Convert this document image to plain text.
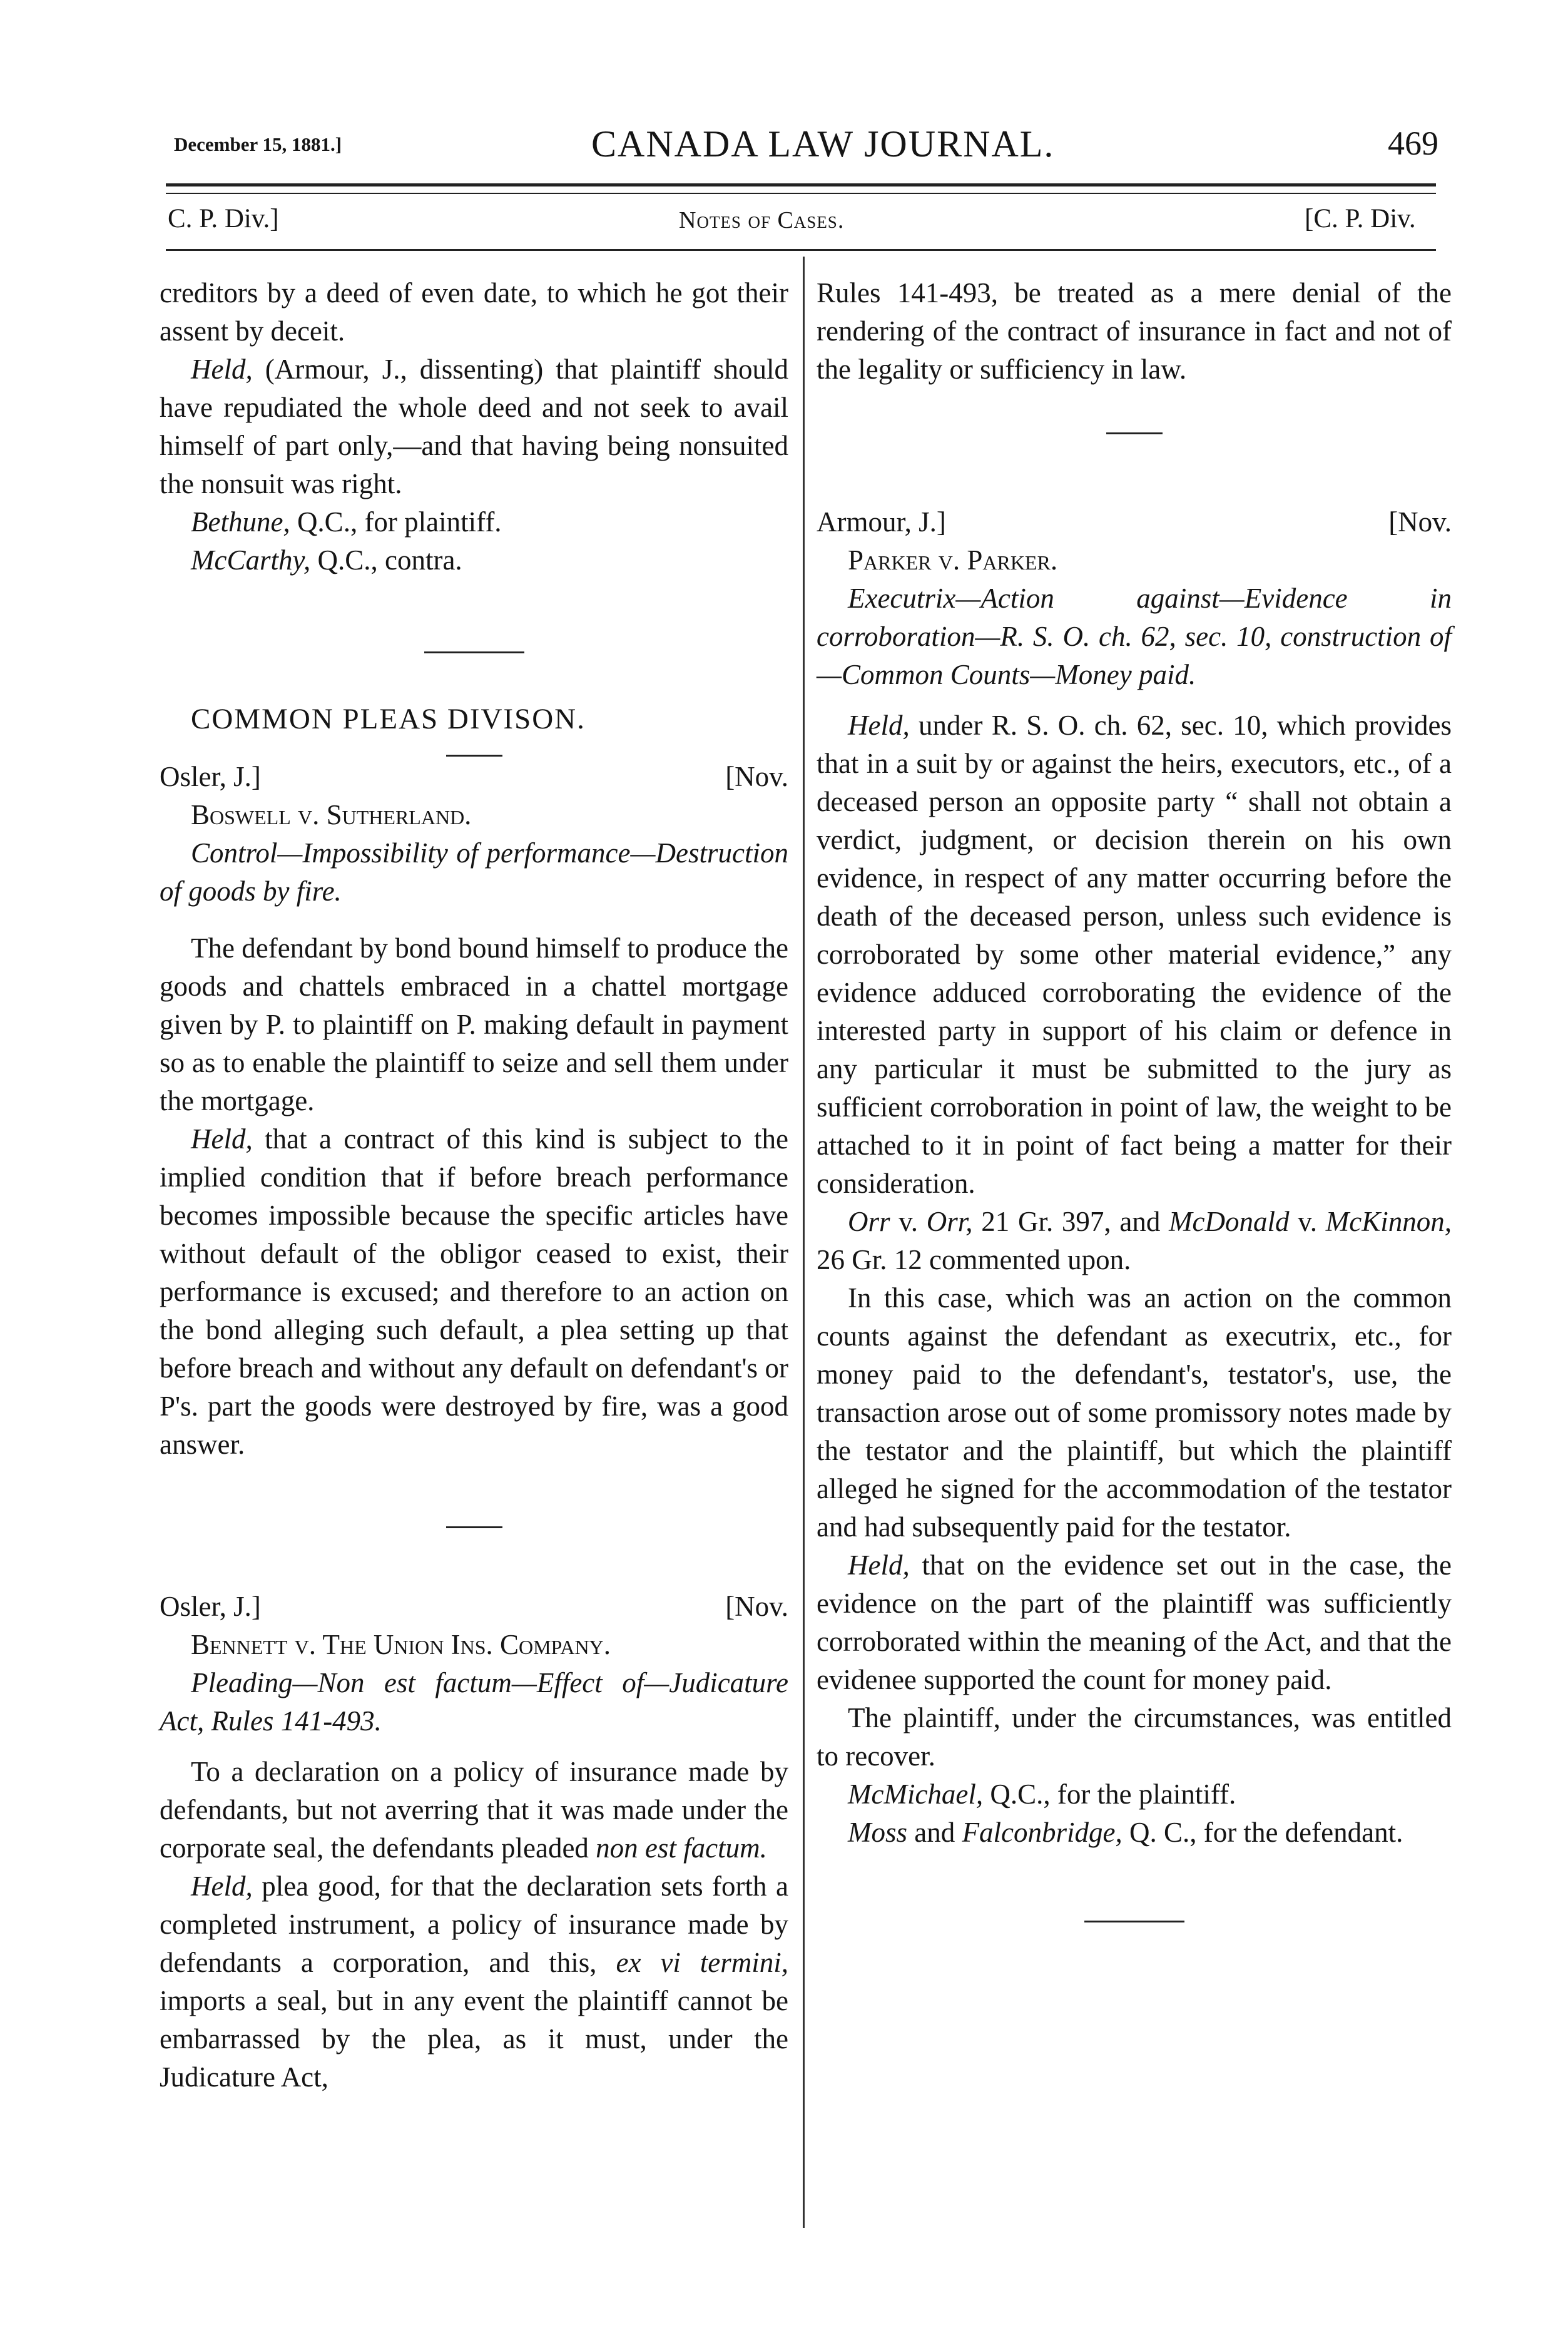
December 15, 1881.]	CANADA LAW JOURNAL.	469
C. P. Div.]	Notes of Cases.	[C. P. Div.

creditors by a deed of even date, to which he got their assent by deceit.

Held, (Armour, J., dissenting) that plaintiff should have repudiated the whole deed and not seek to avail himself of part only,—and that having being nonsuited the nonsuit was right.

Bethune, Q.C., for plaintiff.

McCarthy, Q.C., contra.

COMMON PLEAS DIVISON.

Osler, J.]	[Nov.

Boswell v. Sutherland.

Control—Impossibility of performance—Destruction of goods by fire.

The defendant by bond bound himself to produce the goods and chattels embraced in a chattel mortgage given by P. to plaintiff on P. making default in payment so as to enable the plaintiff to seize and sell them under the mortgage.

Held, that a contract of this kind is subject to the implied condition that if before breach performance becomes impossible because the specific articles have without default of the obligor ceased to exist, their performance is excused; and therefore to an action on the bond alleging such default, a plea setting up that before breach and without any default on defendant's or P's. part the goods were destroyed by fire, was a good answer.

Osler, J.]	[Nov.

Bennett v. The Union Ins. Company.

Pleading—Non est factum—Effect of—Judicature Act, Rules 141-493.

To a declaration on a policy of insurance made by defendants, but not averring that it was made under the corporate seal, the defendants pleaded non est factum.

Held, plea good, for that the declaration sets forth a completed instrument, a policy of insurance made by defendants a corporation, and this, ex vi termini, imports a seal, but in any event the plaintiff cannot be embarrassed by the plea, as it must, under the Judicature Act,

Rules 141-493, be treated as a mere denial of the rendering of the contract of insurance in fact and not of the legality or sufficiency in law.

Armour, J.]	[Nov.

Parker v. Parker.

Executrix—Action against—Evidence in corroboration—R. S. O. ch. 62, sec. 10, construction of—Common Counts—Money paid.

Held, under R. S. O. ch. 62, sec. 10, which provides that in a suit by or against the heirs, executors, etc., of a deceased person an opposite party “ shall not obtain a verdict, judgment, or decision therein on his own evidence, in respect of any matter occurring before the death of the deceased person, unless such evidence is corroborated by some other material evidence,” any evidence adduced corroborating the evidence of the interested party in support of his claim or defence in any particular it must be submitted to the jury as sufficient corroboration in point of law, the weight to be attached to it in point of fact being a matter for their consideration.

Orr v. Orr, 21 Gr. 397, and McDonald v. McKinnon, 26 Gr. 12 commented upon.

In this case, which was an action on the common counts against the defendant as executrix, etc., for money paid to the defendant's, testator's, use, the transaction arose out of some promissory notes made by the testator and the plaintiff, but which the plaintiff alleged he signed for the accommodation of the testator and had subsequently paid for the testator.

Held, that on the evidence set out in the case, the evidence on the part of the plaintiff was sufficiently corroborated within the meaning of the Act, and that the evidenee supported the count for money paid.

The plaintiff, under the circumstances, was entitled to recover.

McMichael, Q.C., for the plaintiff.

Moss and Falconbridge, Q. C., for the defendant.
